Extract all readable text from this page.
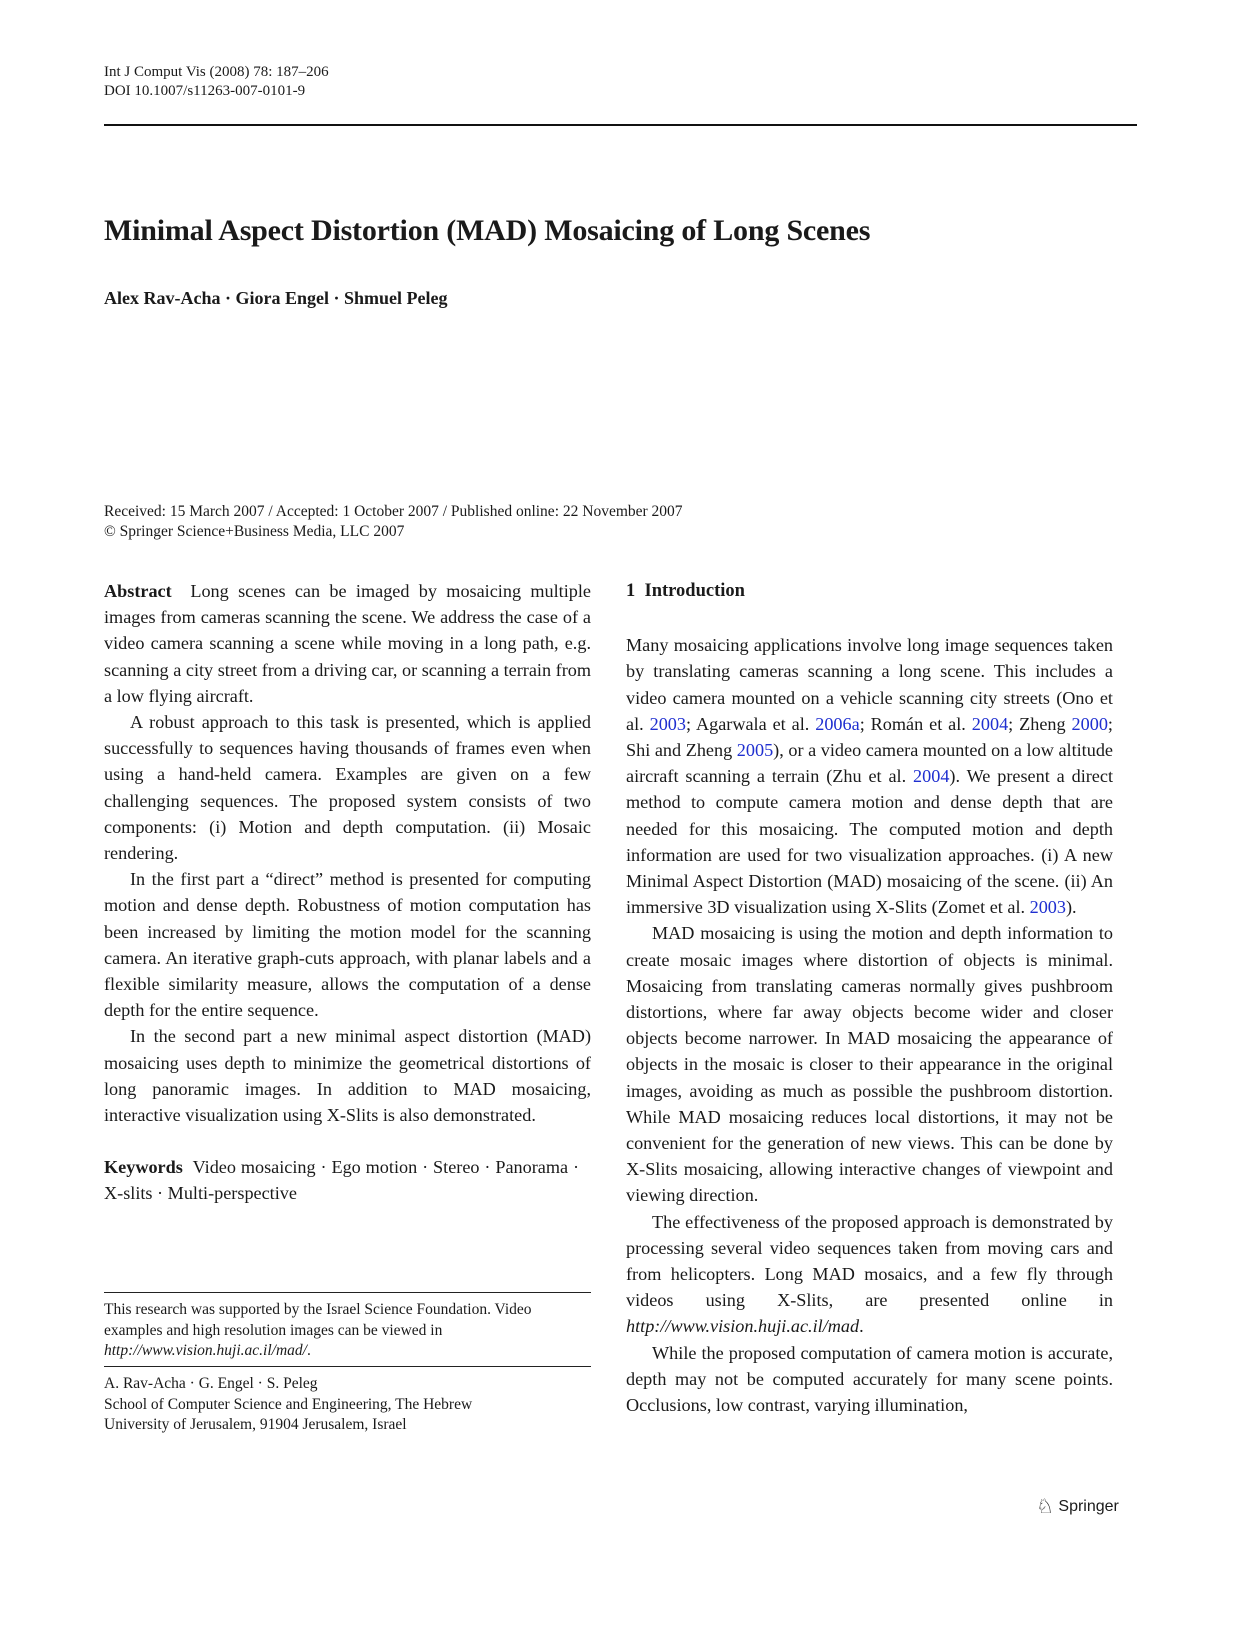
Int J Comput Vis (2008) 78: 187–206
DOI 10.1007/s11263-007-0101-9
Minimal Aspect Distortion (MAD) Mosaicing of Long Scenes
Alex Rav-Acha · Giora Engel · Shmuel Peleg
Received: 15 March 2007 / Accepted: 1 October 2007 / Published online: 22 November 2007
© Springer Science+Business Media, LLC 2007

Abstract Long scenes can be imaged by mosaicing multiple images from cameras scanning the scene. We address the case of a video camera scanning a scene while moving in a long path, e.g. scanning a city street from a driving car, or scanning a terrain from a low flying aircraft.

A robust approach to this task is presented, which is applied successfully to sequences having thousands of frames even when using a hand-held camera. Examples are given on a few challenging sequences. The proposed system consists of two components: (i) Motion and depth computation. (ii) Mosaic rendering.

In the first part a “direct” method is presented for computing motion and dense depth. Robustness of motion computation has been increased by limiting the motion model for the scanning camera. An iterative graph-cuts approach, with planar labels and a flexible similarity measure, allows the computation of a dense depth for the entire sequence.

In the second part a new minimal aspect distortion (MAD) mosaicing uses depth to minimize the geometrical distortions of long panoramic images. In addition to MAD mosaicing, interactive visualization using X-Slits is also demonstrated.

Keywords Video mosaicing · Ego motion · Stereo · Panorama · X-slits · Multi-perspective
This research was supported by the Israel Science Foundation. Video examples and high resolution images can be viewed in http://www.vision.huji.ac.il/mad/.
A. Rav-Acha · G. Engel · S. Peleg
School of Computer Science and Engineering, The Hebrew
University of Jerusalem, 91904 Jerusalem, Israel
1 Introduction

Many mosaicing applications involve long image sequences taken by translating cameras scanning a long scene. This includes a video camera mounted on a vehicle scanning city streets (Ono et al. 2003; Agarwala et al. 2006a; Román et al. 2004; Zheng 2000; Shi and Zheng 2005), or a video camera mounted on a low altitude aircraft scanning a terrain (Zhu et al. 2004). We present a direct method to compute camera motion and dense depth that are needed for this mosaicing. The computed motion and depth information are used for two visualization approaches. (i) A new Minimal Aspect Distortion (MAD) mosaicing of the scene. (ii) An immersive 3D visualization using X-Slits (Zomet et al. 2003).

MAD mosaicing is using the motion and depth information to create mosaic images where distortion of objects is minimal. Mosaicing from translating cameras normally gives pushbroom distortions, where far away objects become wider and closer objects become narrower. In MAD mosaicing the appearance of objects in the mosaic is closer to their appearance in the original images, avoiding as much as possible the pushbroom distortion. While MAD mosaicing reduces local distortions, it may not be convenient for the generation of new views. This can be done by X-Slits mosaicing, allowing interactive changes of viewpoint and viewing direction.

The effectiveness of the proposed approach is demonstrated by processing several video sequences taken from moving cars and from helicopters. Long MAD mosaics, and a few fly through videos using X-Slits, are presented online in http://www.vision.huji.ac.il/mad.

While the proposed computation of camera motion is accurate, depth may not be computed accurately for many scene points. Occlusions, low contrast, varying illumination,

♘ Springer
